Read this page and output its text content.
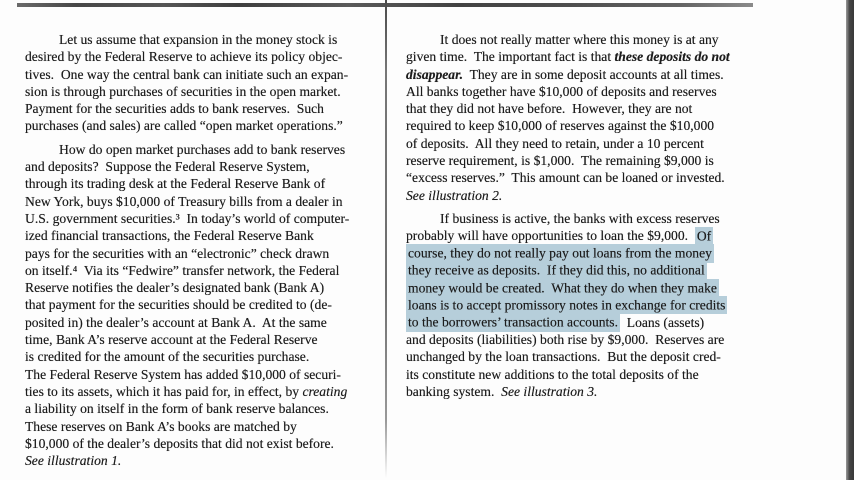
Let us assume that expansion in the money stock is
desired by the Federal Reserve to achieve its policy objec-
tives.  One way the central bank can initiate such an expan-
sion is through purchases of securities in the open market.
Payment for the securities adds to bank reserves.  Such
purchases (and sales) are called “open market operations.”
How do open market purchases add to bank reserves
and deposits?  Suppose the Federal Reserve System,
through its trading desk at the Federal Reserve Bank of
New York, buys $10,000 of Treasury bills from a dealer in
U.S. government securities.³  In today’s world of computer-
ized financial transactions, the Federal Reserve Bank
pays for the securities with an “electronic” check drawn
on itself.⁴  Via its “Fedwire” transfer network, the Federal
Reserve notifies the dealer’s designated bank (Bank A)
that payment for the securities should be credited to (de-
posited in) the dealer’s account at Bank A.  At the same
time, Bank A’s reserve account at the Federal Reserve
is credited for the amount of the securities purchase.
The Federal Reserve System has added $10,000 of securi-
ties to its assets, which it has paid for, in effect, by creating
a liability on itself in the form of bank reserve balances.
These reserves on Bank A’s books are matched by
$10,000 of the dealer’s deposits that did not exist before.
See illustration 1.
It does not really matter where this money is at any
given time.  The important fact is that these deposits do not
disappear.  They are in some deposit accounts at all times.
All banks together have $10,000 of deposits and reserves
that they did not have before.  However, they are not
required to keep $10,000 of reserves against the $10,000
of deposits.  All they need to retain, under a 10 percent
reserve requirement, is $1,000.  The remaining $9,000 is
“excess reserves.”  This amount can be loaned or invested.
See illustration 2.
If business is active, the banks with excess reserves
probably will have opportunities to loan the $9,000.  Of
course, they do not really pay out loans from the money
they receive as deposits.  If they did this, no additional
money would be created.  What they do when they make
loans is to accept promissory notes in exchange for credits
to the borrowers’ transaction accounts.  Loans (assets)
and deposits (liabilities) both rise by $9,000.  Reserves are
unchanged by the loan transactions.  But the deposit cred-
its constitute new additions to the total deposits of the
banking system.  See illustration 3.
